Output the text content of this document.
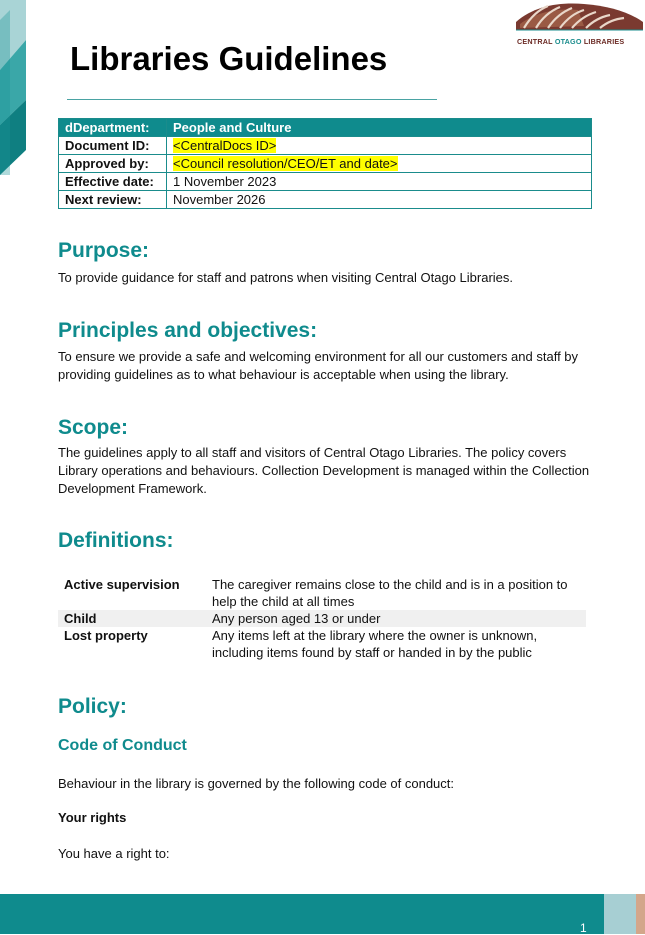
CENTRAL OTAGO LIBRARIES
Libraries Guidelines
dDepartment:	People and Culture
Document ID:	<CentralDocs ID>
Approved by:	<Council resolution/CEO/ET and date>
Effective date:	1 November 2023
Next review:	November 2026
Purpose:

To provide guidance for staff and patrons when visiting Central Otago Libraries.

Principles and objectives:

To ensure we provide a safe and welcoming environment for all our customers and staff by providing guidelines as to what behaviour is acceptable when using the library.

Scope:

The guidelines apply to all staff and visitors of Central Otago Libraries. The policy covers Library operations and behaviours. Collection Development is managed within the Collection Development Framework.

Definitions:
Active supervision	The caregiver remains close to the child and is in a position to help the child at all times
Child	Any person aged 13 or under
Lost property	Any items left at the library where the owner is unknown, including items found by staff or handed in by the public
Policy:
Code of Conduct

Behaviour in the library is governed by the following code of conduct:

Your rights

You have a right to:

1
